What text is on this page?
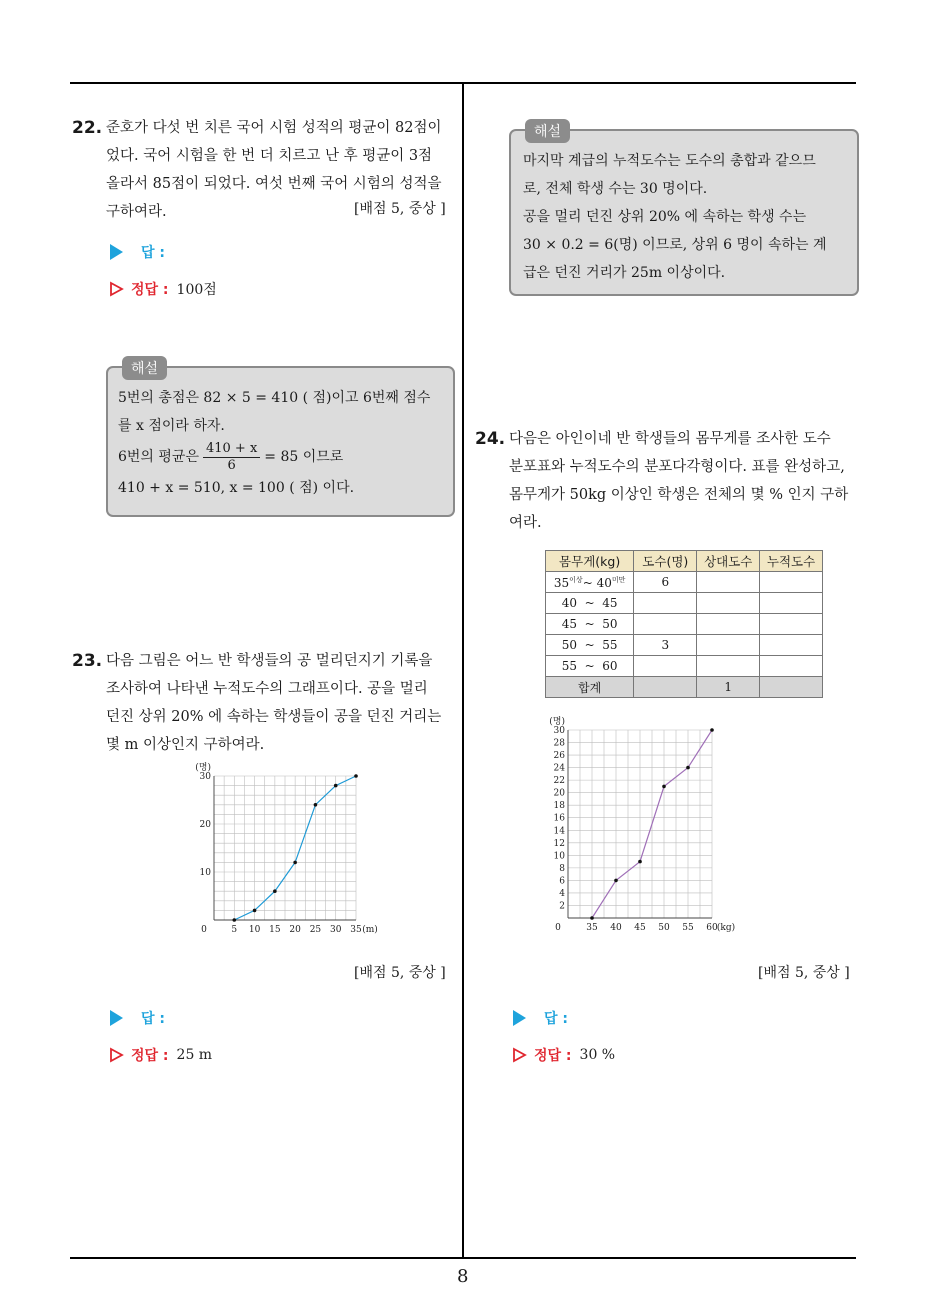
8
22. 준호가 다섯 번 치른 국어 시험 성적의 평균이 82점이
었다. 국어 시험을 한 번 더 치르고 난 후 평균이 3점
올라서 85점이 되었다. 여섯 번째 국어 시험의 성적을
구하여라.	[배점 5, 중상 ]
답 :
정답 : 100점
해설
5번의 총점은 82 × 5 = 410 ( 점)이고 6번째 점수
를 x 점이라 하자.
6번의 평균은 $\frac{410 + x}{6} = 85$ 이므로
410 + x = 510, x = 100 ( 점) 이다.
23. 다음 그림은 어느 반 학생들의 공 멀리던지기 기록을
조사하여 나타낸 누적도수의 그래프이다. 공을 멀리
던진 상위 20% 에 속하는 학생들이 공을 던진 거리는
몇 m 이상인지 구하여라.
10
20
30
(명)
0	5 10 15 20 25 30 35 (m)
[배점 5, 중상 ]
답 :
정답 : 25 m
해설
마지막 계급의 누적도수는 도수의 총합과 같으므
로, 전체 학생 수는 30 명이다.
공을 멀리 던진 상위 20% 에 속하는 학생 수는
30 × 0.2 = 6(명) 이므로, 상위 6 명이 속하는 계
급은 던진 거리가 25m 이상이다.
24. 다음은 아인이네 반 학생들의 몸무게를 조사한 도수
분포표와 누적도수의 분포다각형이다. 표를 완성하고,
몸무게가 50kg 이상인 학생은 전체의 몇 % 인지 구하
여라.
몸무게(kg)	도수(명)	상대도수	누적도수
$35^{이상}\sim$ $40^{미만}$	6		
40  ~  45			
45  ~  50			
50  ~  55	3		
55  ~  60			
합계		1	
2
4
6
8
10
12
14
16
18
20
22
24
26
28
30
(명)
0	35 40 45 50 55 60 (kg)
[배점 5, 중상 ]
답 :
정답 : 30 %
